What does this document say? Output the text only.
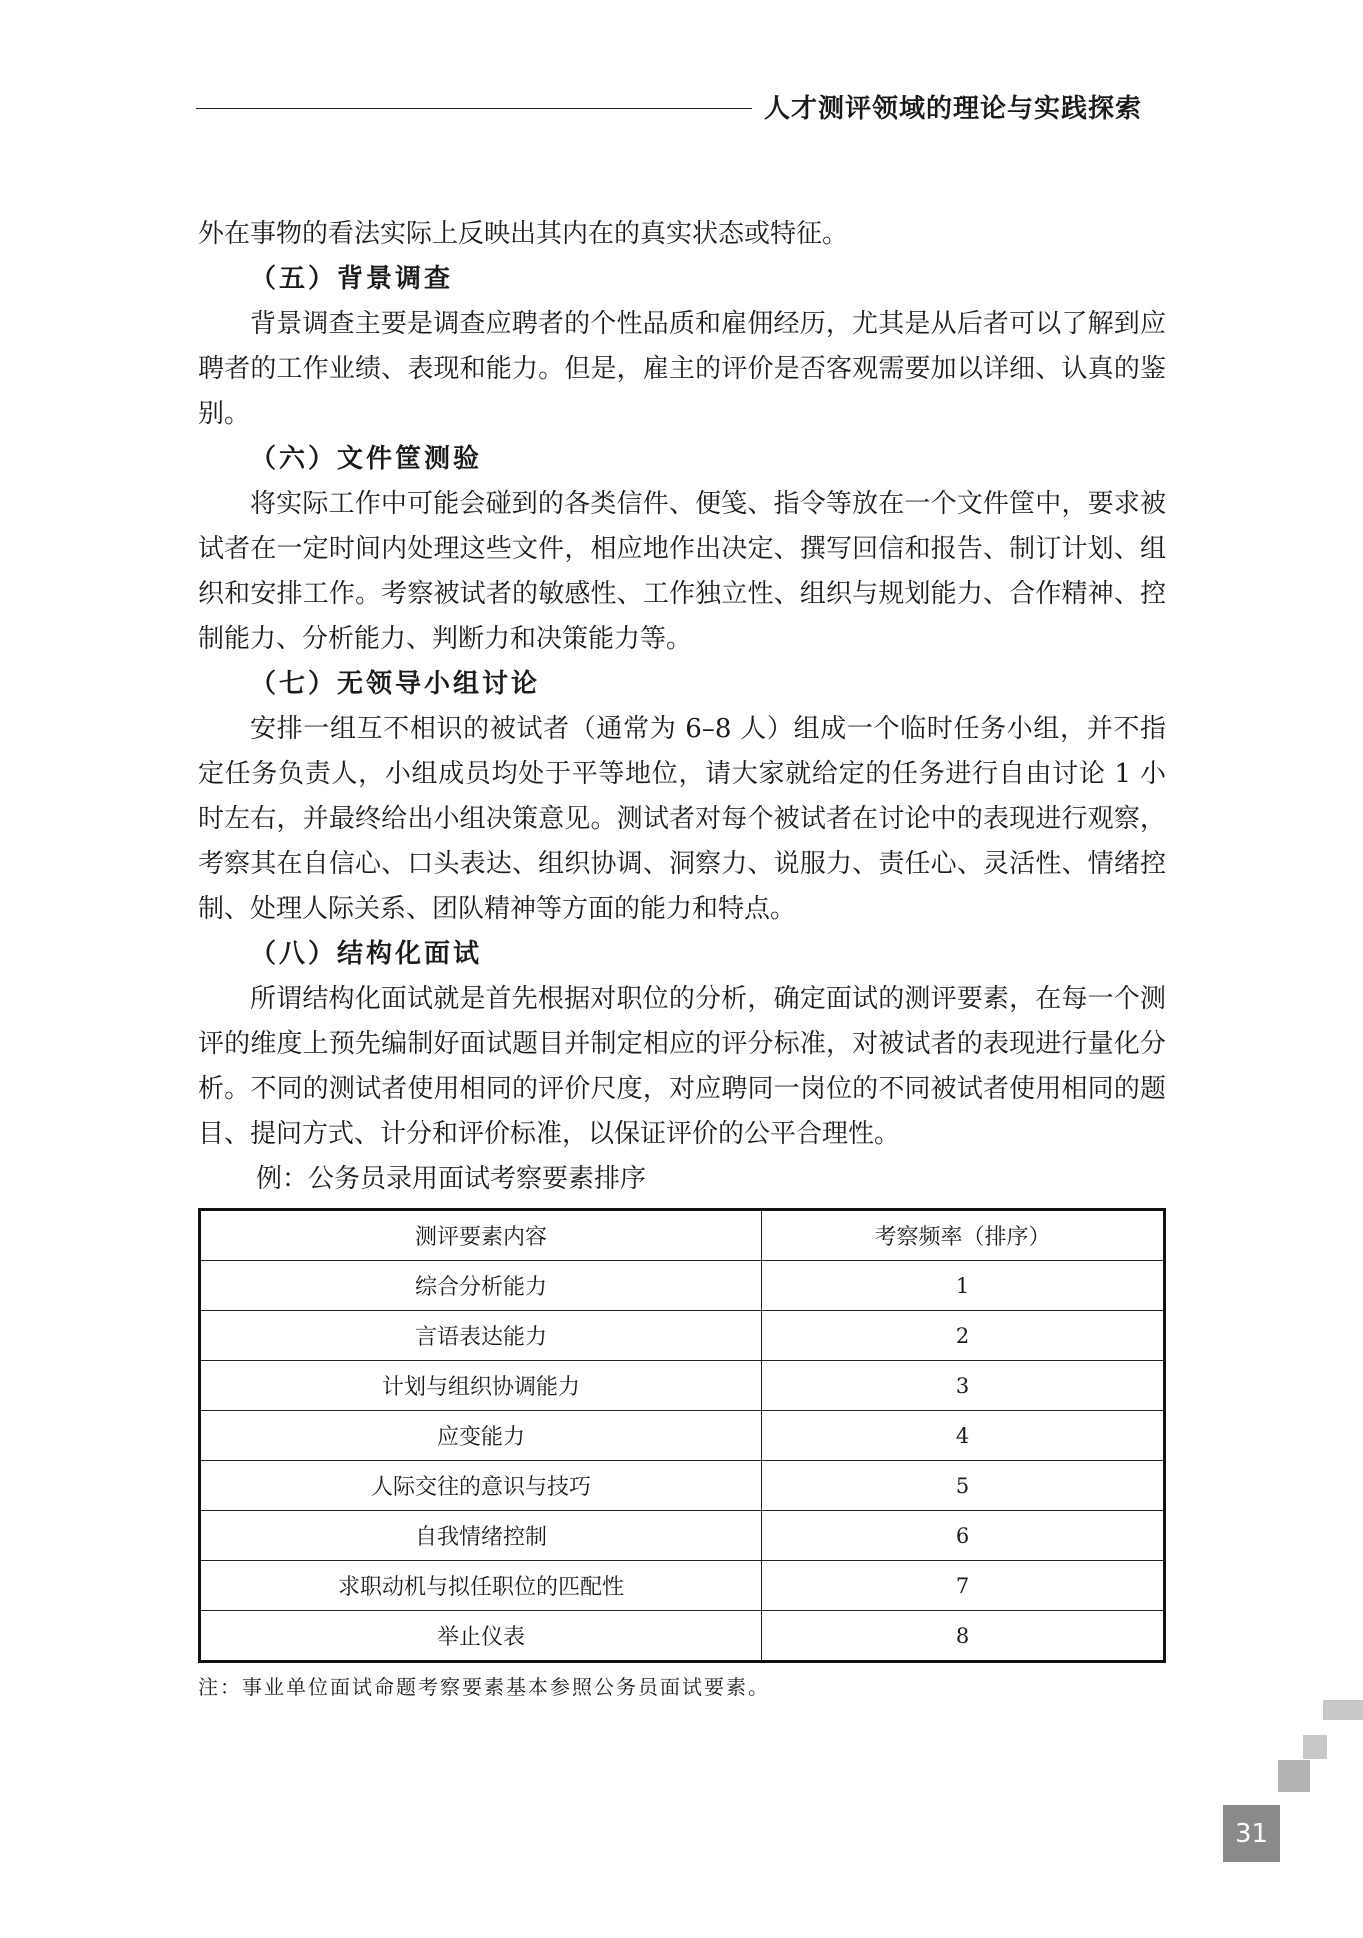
人才测评领域的理论与实践探索

外在事物的看法实际上反映出其内在的真实状态或特征。

（五）背景调查

背景调查主要是调查应聘者的个性品质和雇佣经历，尤其是从后者可以了解到应聘者的工作业绩、表现和能力。但是，雇主的评价是否客观需要加以详细、认真的鉴别。

（六）文件筐测验

将实际工作中可能会碰到的各类信件、便笺、指令等放在一个文件筐中，要求被试者在一定时间内处理这些文件，相应地作出决定、撰写回信和报告、制订计划、组织和安排工作。考察被试者的敏感性、工作独立性、组织与规划能力、合作精神、控制能力、分析能力、判断力和决策能力等。

（七）无领导小组讨论

安排一组互不相识的被试者（通常为 6–8 人）组成一个临时任务小组，并不指定任务负责人，小组成员均处于平等地位，请大家就给定的任务进行自由讨论 1 小时左右，并最终给出小组决策意见。测试者对每个被试者在讨论中的表现进行观察，考察其在自信心、口头表达、组织协调、洞察力、说服力、责任心、灵活性、情绪控制、处理人际关系、团队精神等方面的能力和特点。

（八）结构化面试

所谓结构化面试就是首先根据对职位的分析，确定面试的测评要素，在每一个测评的维度上预先编制好面试题目并制定相应的评分标准，对被试者的表现进行量化分析。不同的测试者使用相同的评价尺度，对应聘同一岗位的不同被试者使用相同的题目、提问方式、计分和评价标准，以保证评价的公平合理性。

例：公务员录用面试考察要素排序

测评要素内容	考察频率（排序）
综合分析能力	1
言语表达能力	2
计划与组织协调能力	3
应变能力	4
人际交往的意识与技巧	5
自我情绪控制	6
求职动机与拟任职位的匹配性	7
举止仪表	8

注：事业单位面试命题考察要素基本参照公务员面试要素。

31
